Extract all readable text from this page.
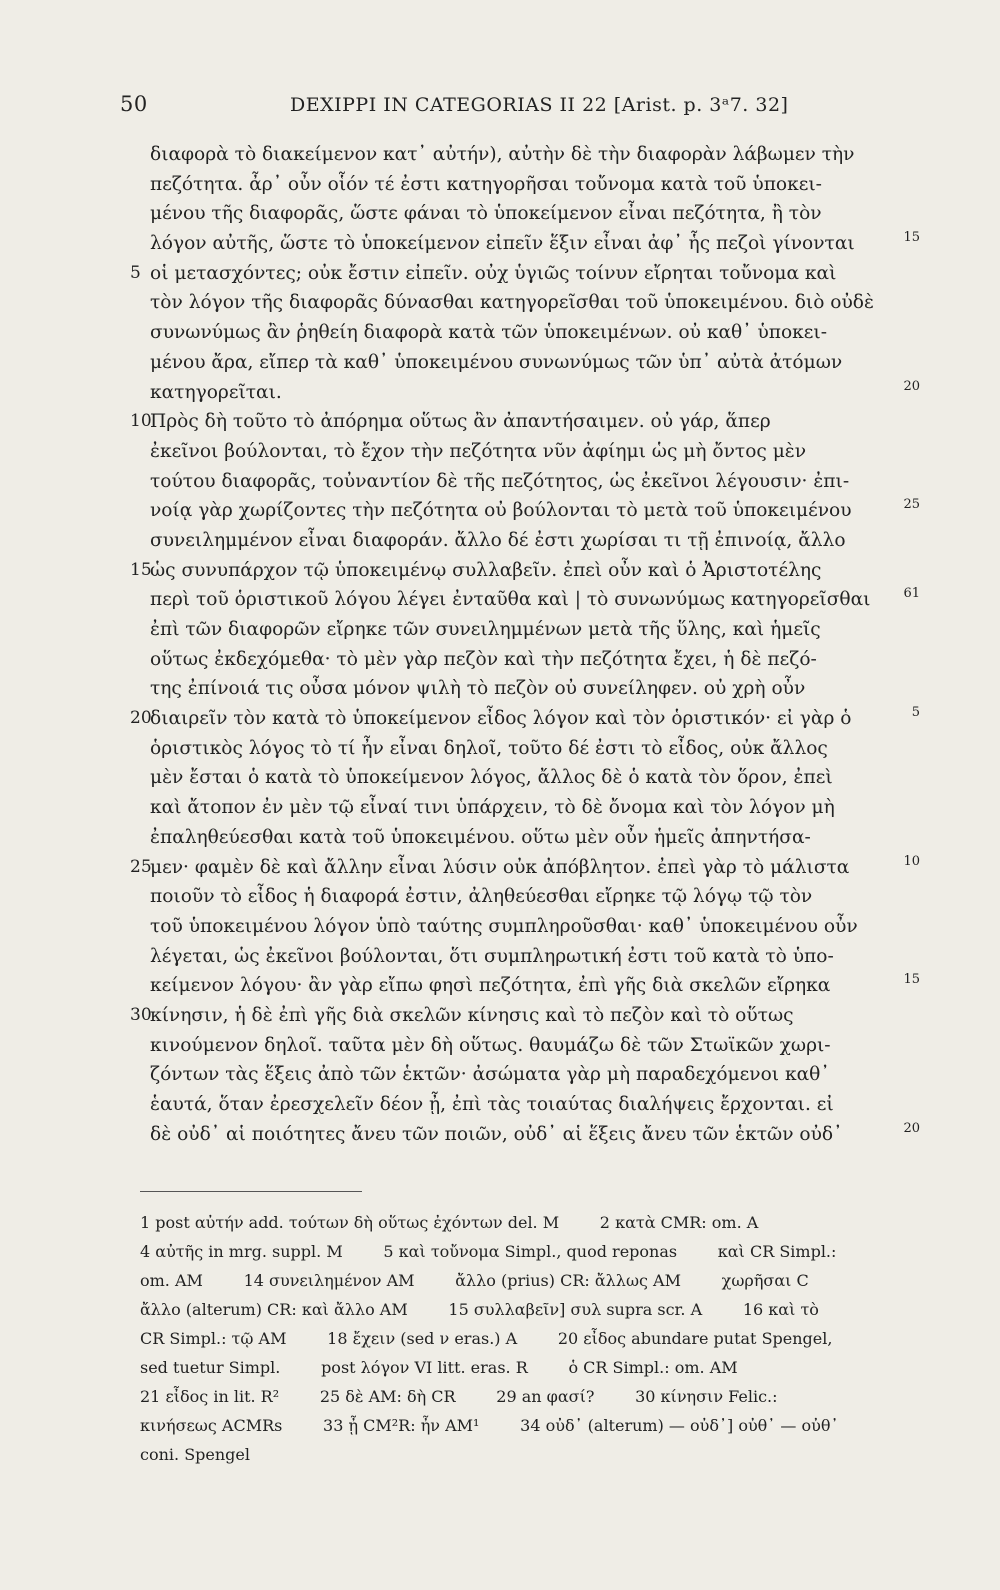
50	DEXIPPI IN CATEGORIAS II 22 [Arist. p. 3ᵃ7. 32]
διαφορὰ τὸ διακείμενον κατ᾽ αὐτήν), αὐτὴν δὲ τὴν διαφορὰν λάβωμεν τὴν
πεζότητα. ἆρ᾽ οὖν οἷόν τέ ἐστι κατηγορῆσαι τοὔνομα κατὰ τοῦ ὑποκει-
μένου τῆς διαφορᾶς, ὥστε φάναι τὸ ὑποκείμενον εἶναι πεζότητα, ἢ τὸν
λόγον αὐτῆς, ὥστε τὸ ὑποκείμενον εἰπεῖν ἕξιν εἶναι ἀφ᾽ ἧς πεζοὶ γίνονται	15
5 οἱ μετασχόντες; οὐκ ἔστιν εἰπεῖν. οὐχ ὑγιῶς τοίνυν εἴρηται τοὔνομα καὶ
τὸν λόγον τῆς διαφορᾶς δύνασθαι κατηγορεῖσθαι τοῦ ὑποκειμένου. διὸ οὐδὲ
συνωνύμως ἂν ῥηθείη διαφορὰ κατὰ τῶν ὑποκειμένων. οὐ καθ᾽ ὑποκει-
μένου ἄρα, εἴπερ τὰ καθ᾽ ὑποκειμένου συνωνύμως τῶν ὑπ᾽ αὐτὰ ἀτόμων
κατηγορεῖται.	20
10
Πρὸς δὴ τοῦτο τὸ ἀπόρημα οὕτως ἂν ἀπαντήσαιμεν. οὐ γάρ, ἅπερ
ἐκεῖνοι βούλονται, τὸ ἔχον τὴν πεζότητα νῦν ἀφίημι ὡς μὴ ὄντος μὲν
τούτου διαφορᾶς, τοὐναντίον δὲ τῆς πεζότητος, ὡς ἐκεῖνοι λέγουσιν· ἐπι-
νοίᾳ γὰρ χωρίζοντες τὴν πεζότητα οὐ βούλονται τὸ μετὰ τοῦ ὑποκειμένου	25
συνειλημμένον εἶναι διαφοράν. ἄλλο δέ ἐστι χωρίσαι τι τῇ ἐπινοίᾳ, ἄλλο
15
ὡς συνυπάρχον τῷ ὑποκειμένῳ συλλαβεῖν. ἐπεὶ οὖν καὶ ὁ Ἀριστοτέλης
περὶ τοῦ ὁριστικοῦ λόγου λέγει ἐνταῦθα καὶ | τὸ συνωνύμως κατηγορεῖσθαι	61
ἐπὶ τῶν διαφορῶν εἴρηκε τῶν συνειλημμένων μετὰ τῆς ὕλης, καὶ ἡμεῖς
οὕτως ἐκδεχόμεθα· τὸ μὲν γὰρ πεζὸν καὶ τὴν πεζότητα ἔχει, ἡ δὲ πεζό-
της ἐπίνοιά τις οὖσα μόνον ψιλὴ τὸ πεζὸν οὐ συνείληφεν. οὐ χρὴ οὖν
20
διαιρεῖν τὸν κατὰ τὸ ὑποκείμενον εἶδος λόγον καὶ τὸν ὁριστικόν· εἰ γὰρ ὁ	5
ὁριστικὸς λόγος τὸ τί ἦν εἶναι δηλοῖ, τοῦτο δέ ἐστι τὸ εἶδος, οὐκ ἄλλος
μὲν ἔσται ὁ κατὰ τὸ ὑποκείμενον λόγος, ἄλλος δὲ ὁ κατὰ τὸν ὅρον, ἐπεὶ
καὶ ἄτοπον ἐν μὲν τῷ εἶναί τινι ὑπάρχειν, τὸ δὲ ὄνομα καὶ τὸν λόγον μὴ
ἐπαληθεύεσθαι κατὰ τοῦ ὑποκειμένου. οὕτω μὲν οὖν ἡμεῖς ἀπηντήσα-
25
μεν· φαμὲν δὲ καὶ ἄλλην εἶναι λύσιν οὐκ ἀπόβλητον. ἐπεὶ γὰρ τὸ μάλιστα	10
ποιοῦν τὸ εἶδος ἡ διαφορά ἐστιν, ἀληθεύεσθαι εἴρηκε τῷ λόγῳ τῷ τὸν
τοῦ ὑποκειμένου λόγον ὑπὸ ταύτης συμπληροῦσθαι· καθ᾽ ὑποκειμένου οὖν
λέγεται, ὡς ἐκεῖνοι βούλονται, ὅτι συμπληρωτική ἐστι τοῦ κατὰ τὸ ὑπο-
κείμενον λόγου· ἂν γὰρ εἴπω φησὶ πεζότητα, ἐπὶ γῆς διὰ σκελῶν εἴρηκα	15
30
κίνησιν, ἡ δὲ ἐπὶ γῆς διὰ σκελῶν κίνησις καὶ τὸ πεζὸν καὶ τὸ οὕτως
κινούμενον δηλοῖ. ταῦτα μὲν δὴ οὕτως. θαυμάζω δὲ τῶν Στωϊκῶν χωρι-
ζόντων τὰς ἕξεις ἀπὸ τῶν ἑκτῶν· ἀσώματα γὰρ μὴ παραδεχόμενοι καθ᾽
ἑαυτά, ὅταν ἐρεσχελεῖν δέον ᾖ, ἐπὶ τὰς τοιαύτας διαλήψεις ἔρχονται. εἰ
δὲ οὐδ᾽ αἱ ποιότητες ἄνευ τῶν ποιῶν, οὐδ᾽ αἱ ἕξεις ἄνευ τῶν ἑκτῶν οὐδ᾽	20
1 post αὐτήν add. τούτων δὴ οὕτως ἐχόντων del. M        2 κατὰ CMR: om. A
4 αὐτῆς in mrg. suppl. M        5 καὶ τοὔνομα Simpl., quod reponas        καὶ CR Simpl.:
om. AM        14 συνειλημένον AM        ἄλλο (prius) CR: ἄλλως AM        χωρῆσαι C
ἄλλο (alterum) CR: καὶ ἄλλο AM        15 συλλαβεῖν] συλ supra scr. A        16 καὶ τὸ
CR Simpl.: τῷ AM        18 ἔχειν (sed ν eras.) A        20 εἶδος abundare putat Spengel,
sed tuetur Simpl.        post λόγον VI litt. eras. R        ὁ CR Simpl.: om. AM
21 εἶδος in lit. R²        25 δὲ AM: δὴ CR        29 an φασί?        30 κίνησιν Felic.:
κινήσεως ACMRs        33 ᾖ CM²R: ἦν AM¹        34 οὐδ᾽ (alterum) — οὐδ᾽] οὐθ᾽ — οὐθ᾽
coni. Spengel
